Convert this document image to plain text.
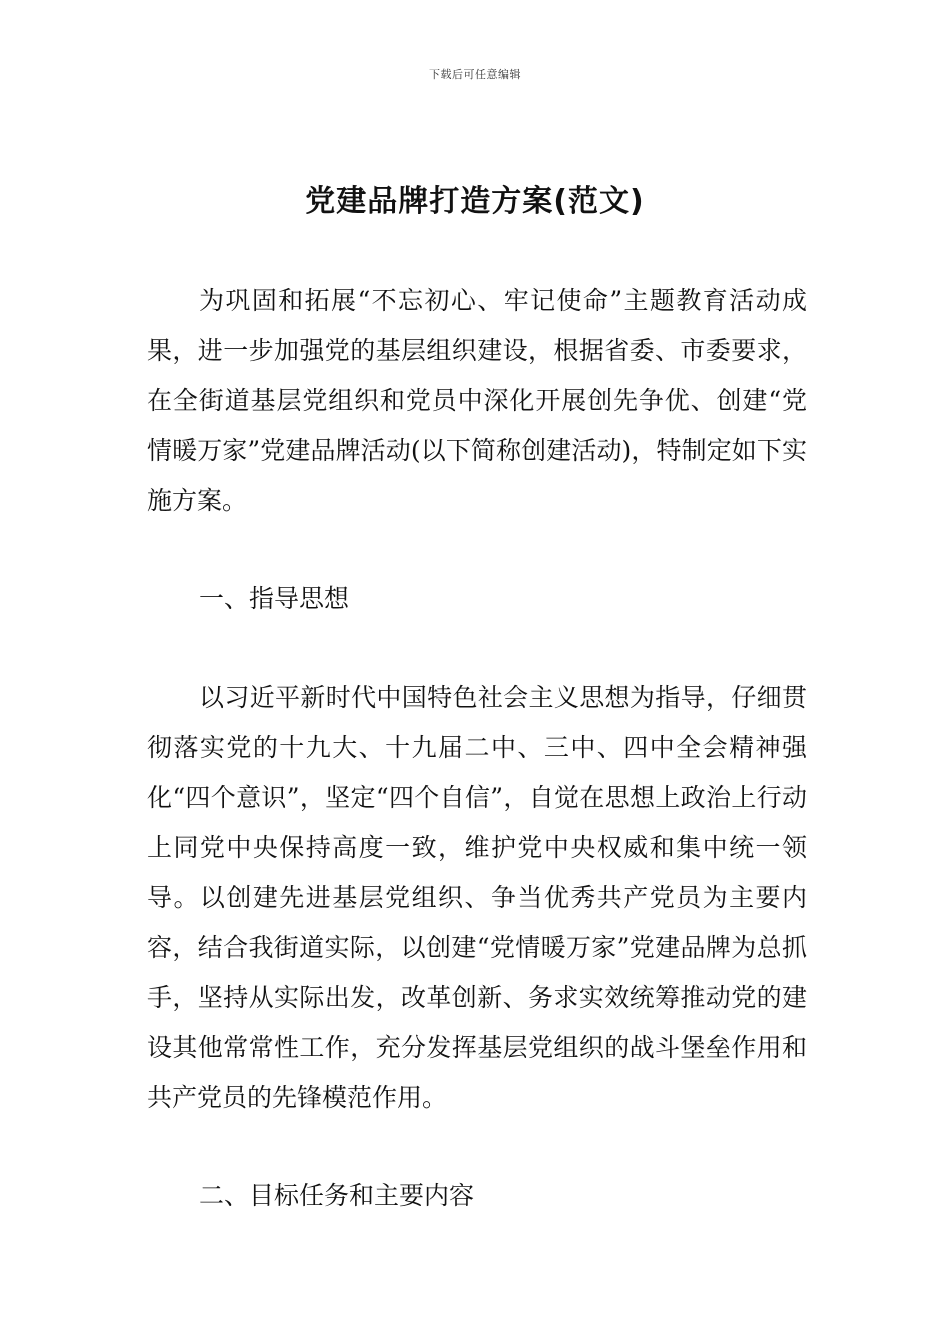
下载后可任意编辑
党建品牌打造方案(范文)

为巩固和拓展“不忘初心、牢记使命”主题教育活动成果，进一步加强党的基层组织建设，根据省委、市委要求，在全街道基层党组织和党员中深化开展创先争优、创建“党情暖万家”党建品牌活动(以下简称创建活动)，特制定如下实施方案。

一、指导思想

以习近平新时代中国特色社会主义思想为指导，仔细贯彻落实党的十九大、十九届二中、三中、四中全会精神强化“四个意识”，坚定“四个自信”，自觉在思想上政治上行动上同党中央保持高度一致，维护党中央权威和集中统一领导。以创建先进基层党组织、争当优秀共产党员为主要内容，结合我街道实际，以创建“党情暖万家”党建品牌为总抓手，坚持从实际出发，改革创新、务求实效统筹推动党的建设其他常常性工作，充分发挥基层党组织的战斗堡垒作用和共产党员的先锋模范作用。

二、目标任务和主要内容
